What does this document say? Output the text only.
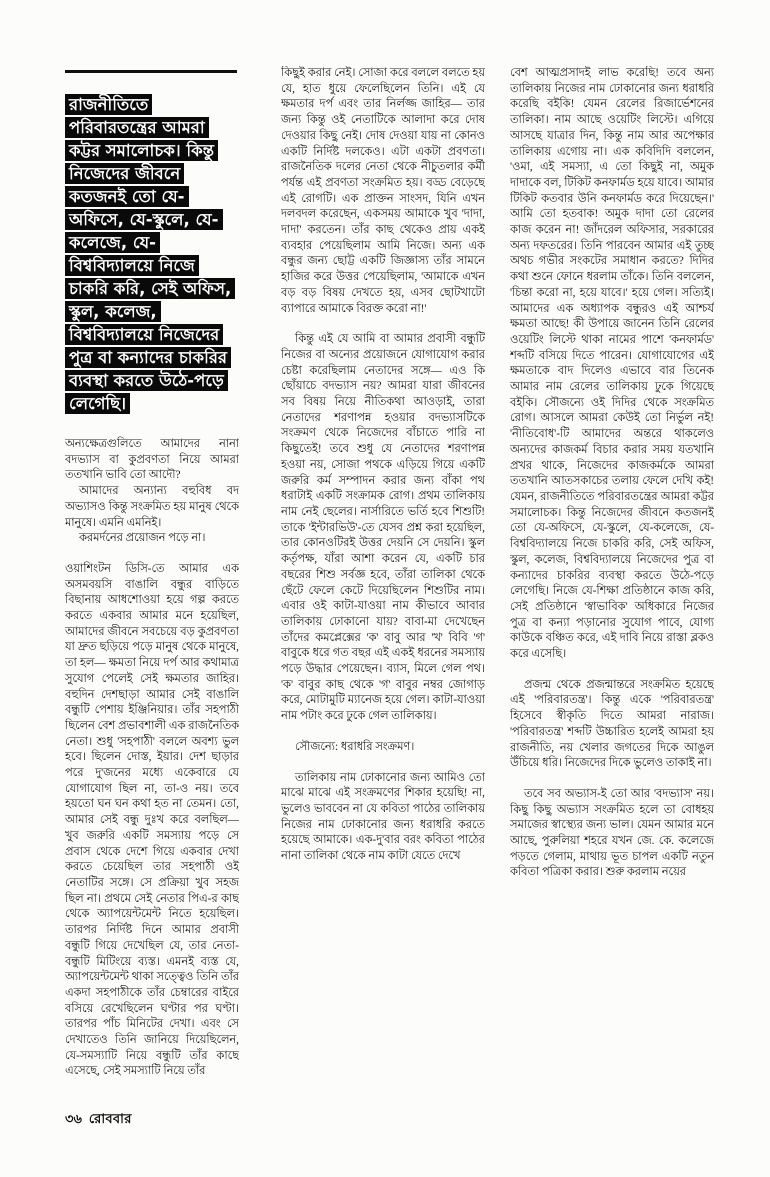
রাজনীতিতে পরিবারতন্ত্রের আমরা কট্টর সমালোচক। কিন্তু নিজেদের জীবনে কতজনই তো যে-অফিসে, যে-স্কুলে, যে-কলেজে, যে-বিশ্ববিদ্যালয়ে নিজে চাকরি করি, সেই অফিস, স্কুল, কলেজ, বিশ্ববিদ্যালয়ে নিজেদের পুত্র বা কন্যাদের চাকরির ব্যবস্থা করতে উঠে-পড়ে লেগেছি।

অন্যক্ষেত্রগুলিতে আমাদের নানা বদভ্যাস বা কুপ্রবণতা নিয়ে আমরা ততখানি ভাবি তো আদৌ?

আমাদের অন্যান্য বহুবিধ বদ অভ্যাসও কিন্তু সংক্রমিত হয় মানুষ থেকে মানুষে। এমনি এমনিই।

করমর্দনের প্রয়োজন পড়ে না।

ওয়াশিংটন ডিসি-তে আমার এক অসমবয়সি বাঙালি বন্ধুর বাড়িতে বিছানায় আধশোওয়া হয়ে গল্প করতে করতে একবার আমার মনে হয়েছিল, আমাদের জীবনে সবচেয়ে বড় কুপ্রবণতা যা দ্রুত ছড়িয়ে পড়ে মানুষ থেকে মানুষে, তা হল— ক্ষমতা নিয়ে দর্প আর কথামাত্র সুযোগ পেলেই সেই ক্ষমতার জাহির। বহুদিন দেশছাড়া আমার সেই বাঙালি বন্ধুটি পেশায় ইঞ্জিনিয়ার। তাঁর সহপাঠী ছিলেন বেশ প্রভাবশালী এক রাজনৈতিক নেতা। শুধু 'সহপাঠী' বললে অবশ্য ভুল হবে। ছিলেন দোস্ত, ইয়ার। দেশ ছাড়ার পরে দু'জনের মধ্যে একেবারে যে যোগাযোগ ছিল না, তা-ও নয়। তবে হয়তো ঘন ঘন কথা হত না তেমন। তো, আমার সেই বন্ধু দুঃখ করে বলছিল— খুব জরুরি একটি সমস্যায় পড়ে সে প্রবাস থেকে দেশে গিয়ে একবার দেখা করতে চেয়েছিল তার সহপাঠী ওই নেতাটির সঙ্গে। সে প্রক্রিয়া খুব সহজ ছিল না। প্রথমে সেই নেতার পিএ-র কাছ থেকে অ্যাপয়েন্টমেন্ট নিতে হয়েছিল। তারপর নির্দিষ্ট দিনে আমার প্রবাসী বন্ধুটি গিয়ে দেখেছিল যে, তার নেতা-বন্ধুটি মিটিংয়ে ব্যস্ত। এমনই ব্যস্ত যে, অ্যাপয়েন্টমেন্ট থাকা সত্ত্বেও তিনি তাঁর একদা সহপাঠীকে তাঁর চেম্বারের বাইরে বসিয়ে রেখেছিলেন ঘণ্টার পর ঘণ্টা। তারপর পাঁচ মিনিটের দেখা। এবং সে দেখাতেও তিনি জানিয়ে দিয়েছিলেন, যে-সমস্যাটি নিয়ে বন্ধুটি তাঁর কাছে এসেছে, সেই সমস্যাটি নিয়ে তাঁর

কিছুই করার নেই। সোজা করে বললে বলতে হয় যে, হাত ধুয়ে ফেলেছিলেন তিনি। এই যে ক্ষমতার দর্প এবং তার নির্লজ্জ জাহির— তার জন্য কিন্তু ওই নেতাটিকে আলাদা করে দোষ দেওয়ার কিছু নেই। দোষ দেওয়া যায় না কোনও একটি নির্দিষ্ট দলকেও। এটা একটা প্রবণতা। রাজনৈতিক দলের নেতা থেকে নীচুতলার কর্মী পর্যন্ত এই প্রবণতা সংক্রমিত হয়। বড্ড বেড়েছে এই রোগটি। এক প্রাক্তন সাংসদ, যিনি এখন দলবদল করেছেন, একসময় আমাকে খুব 'দাদা, দাদা' করতেন। তাঁর কাছ থেকেও প্রায় একই ব্যবহার পেয়েছিলাম আমি নিজে। অন্য এক বন্ধুর জন্য ছোট্ট একটি জিজ্ঞাস্য তাঁর সামনে হাজির করে উত্তর পেয়েছিলাম, 'আমাকে এখন বড় বড় বিষয় দেখতে হয়, এসব ছোটখাটো ব্যাপারে আমাকে বিরক্ত করো না!'

কিন্তু এই যে আমি বা আমার প্রবাসী বন্ধুটি নিজের বা অন্যের প্রয়োজনে যোগাযোগ করার চেষ্টা করেছিলাম নেতাদের সঙ্গে— এও কি ছোঁয়াচে বদভ্যাস নয়? আমরা যারা জীবনের সব বিষয় নিয়ে নীতিকথা আওড়াই, তারা নেতাদের শরণাপন্ন হওয়ার বদভ্যাসটিকে সংক্রমণ থেকে নিজেদের বাঁচাতে পারি না কিছুতেই! তবে শুধু যে নেতাদের শরণাপন্ন হওয়া নয়, সোজা পথকে এড়িয়ে গিয়ে একটি জরুরি কর্ম সম্পাদন করার জন্য বাঁকা পথ ধরাটাই একটি সংক্রামক রোগ। প্রথম তালিকায় নাম নেই ছেলের। নার্সারিতে ভর্তি হবে শিশুটি! তাকে 'ইন্টারভিউ'-তে যেসব প্রশ্ন করা হয়েছিল, তার কোনওটিরই উত্তর দেয়নি সে দেয়নি। স্কুল কর্তৃপক্ষ, যাঁরা আশা করেন যে, একটি চার বছরের শিশু সর্বজ্ঞ হবে, তাঁরা তালিকা থেকে ছেঁটে ফেলে কেটে দিয়েছিলেন শিশুটির নাম। এবার ওই কাটা-যাওয়া নাম কীভাবে আবার তালিকায় ঢোকানো যায়? বাবা-মা দেখেছেন তাঁদের কমপ্লেক্সের 'ক' বাবু আর 'খ' বিবি 'গ' বাবুকে ধরে গত বছর এই একই ধরনের সমস্যায় পড়ে উদ্ধার পেয়েছেন। ব্যাস, মিলে গেল পথ। 'ক' বাবুর কাছ থেকে 'গ' বাবুর নম্বর জোগাড় করে, মোটামুটি ম্যানেজ হয়ে গেল। কাটা-যাওয়া নাম পটাং করে ঢুকে গেল তালিকায়।

সৌজন্যে: ধরাধরি সংক্রমণ।

তালিকায় নাম ঢোকানোর জন্য আমিও তো মাঝে মাঝে এই সংক্রমণের শিকার হয়েছি! না, ভুলেও ভাববেন না যে কবিতা পাঠের তালিকায় নিজের নাম ঢোকানোর জন্য ধরাধরি করতে হয়েছে আমাকে। এক-দু'বার বরং কবিতা পাঠের নানা তালিকা থেকে নাম কাটা যেতে দেখে

বেশ আত্মপ্রসাদই লাভ করেছি! তবে অন্য তালিকায় নিজের নাম ঢোকানোর জন্য ধরাধরি করেছি বইকি! যেমন রেলের রিজার্ভেশনের তালিকা। নাম আছে ওয়েটিং লিস্টে। এগিয়ে আসছে যাত্রার দিন, কিন্তু নাম আর অপেক্ষার তালিকায় এগোয় না। এক কবিদিদি বললেন, 'ওমা, এই সমস্যা, এ তো কিছুই না, অমুক দাদাকে বল, টিকিট কনফার্মড হয়ে যাবে। আমার টিকিট কতবার উনি কনফার্মড করে দিয়েছেন।' আমি তো হতবাক! অমুক দাদা তো রেলের কাজ করেন না! জাঁদরেল অফিসার, সরকারের অন্য দফতরের। তিনি পারবেন আমার এই তুচ্ছ অথচ গভীর সংকটের সমাধান করতে? দিদির কথা শুনে ফোনে ধরলাম তাঁকে। তিনি বললেন, 'চিন্তা করো না, হয়ে যাবে।' হয়ে গেল। সত্যিই। আমাদের এক অধ্যাপক বন্ধুরও এই আশ্চর্য ক্ষমতা আছে! কী উপায়ে জানেন তিনি রেলের ওয়েটিং লিস্টে থাকা নামের পাশে 'কনফার্মড' শব্দটি বসিয়ে দিতে পারেন। যোগাযোগের এই ক্ষমতাকে বাদ দিলেও এভাবে বার তিনেক আমার নাম রেলের তালিকায় ঢুকে গিয়েছে বইকি। সৌজন্যে ওই দিদির থেকে সংক্রমিত রোগ। আসলে আমরা কেউই তো নির্ভুল নই! 'নীতিবোধ'-টি আমাদের অন্তরে থাকলেও অন্যদের কাজকর্ম বিচার করার সময় যতখানি প্রখর থাকে, নিজেদের কাজকর্মকে আমরা ততখানি আতসকাচের তলায় ফেলে দেখি কই! যেমন, রাজনীতিতে পরিবারতন্ত্রের আমরা কট্টর সমালোচক। কিন্তু নিজেদের জীবনে কতজনই তো যে-অফিসে, যে-স্কুলে, যে-কলেজে, যে-বিশ্ববিদ্যালয়ে নিজে চাকরি করি, সেই অফিস, স্কুল, কলেজ, বিশ্ববিদ্যালয়ে নিজেদের পুত্র বা কন্যাদের চাকরির ব্যবস্থা করতে উঠে-পড়ে লেগেছি। নিজে যে-শিক্ষা প্রতিষ্ঠানে কাজ করি, সেই প্রতিষ্ঠানে 'স্বাভাবিক' অধিকারে নিজের পুত্র বা কন্যা পড়ানোর সুযোগ পাবে, যোগ্য কাউকে বঞ্চিত করে, এই দাবি নিয়ে রাস্তা ব্লকও করে এসেছি।

প্রজন্ম থেকে প্রজন্মান্তরে সংক্রমিত হয়েছে এই 'পরিবারতন্ত্র'। কিন্তু একে 'পরিবারতন্ত্র' হিসেবে স্বীকৃতি দিতে আমরা নারাজ। 'পরিবারতন্ত্র' শব্দটি উচ্চারিত হলেই আমরা হয় রাজনীতি, নয় খেলার জগতের দিকে আঙুল উঁচিয়ে ধরি। নিজেদের দিকে ভুলেও তাকাই না।

তবে সব অভ্যাস-ই তো আর 'বদভ্যাস' নয়। কিছু কিছু অভ্যাস সংক্রমিত হলে তা বোধহয় সমাজের স্বাস্থ্যের জন্য ভাল। যেমন আমার মনে আছে, পুরুলিয়া শহরে যখন জে. কে. কলেজে পড়তে গেলাম, মাথায় ভূত চাপল একটি নতুন কবিতা পত্রিকা করার। শুরু করলাম নয়ের

৩৬ রোববার
